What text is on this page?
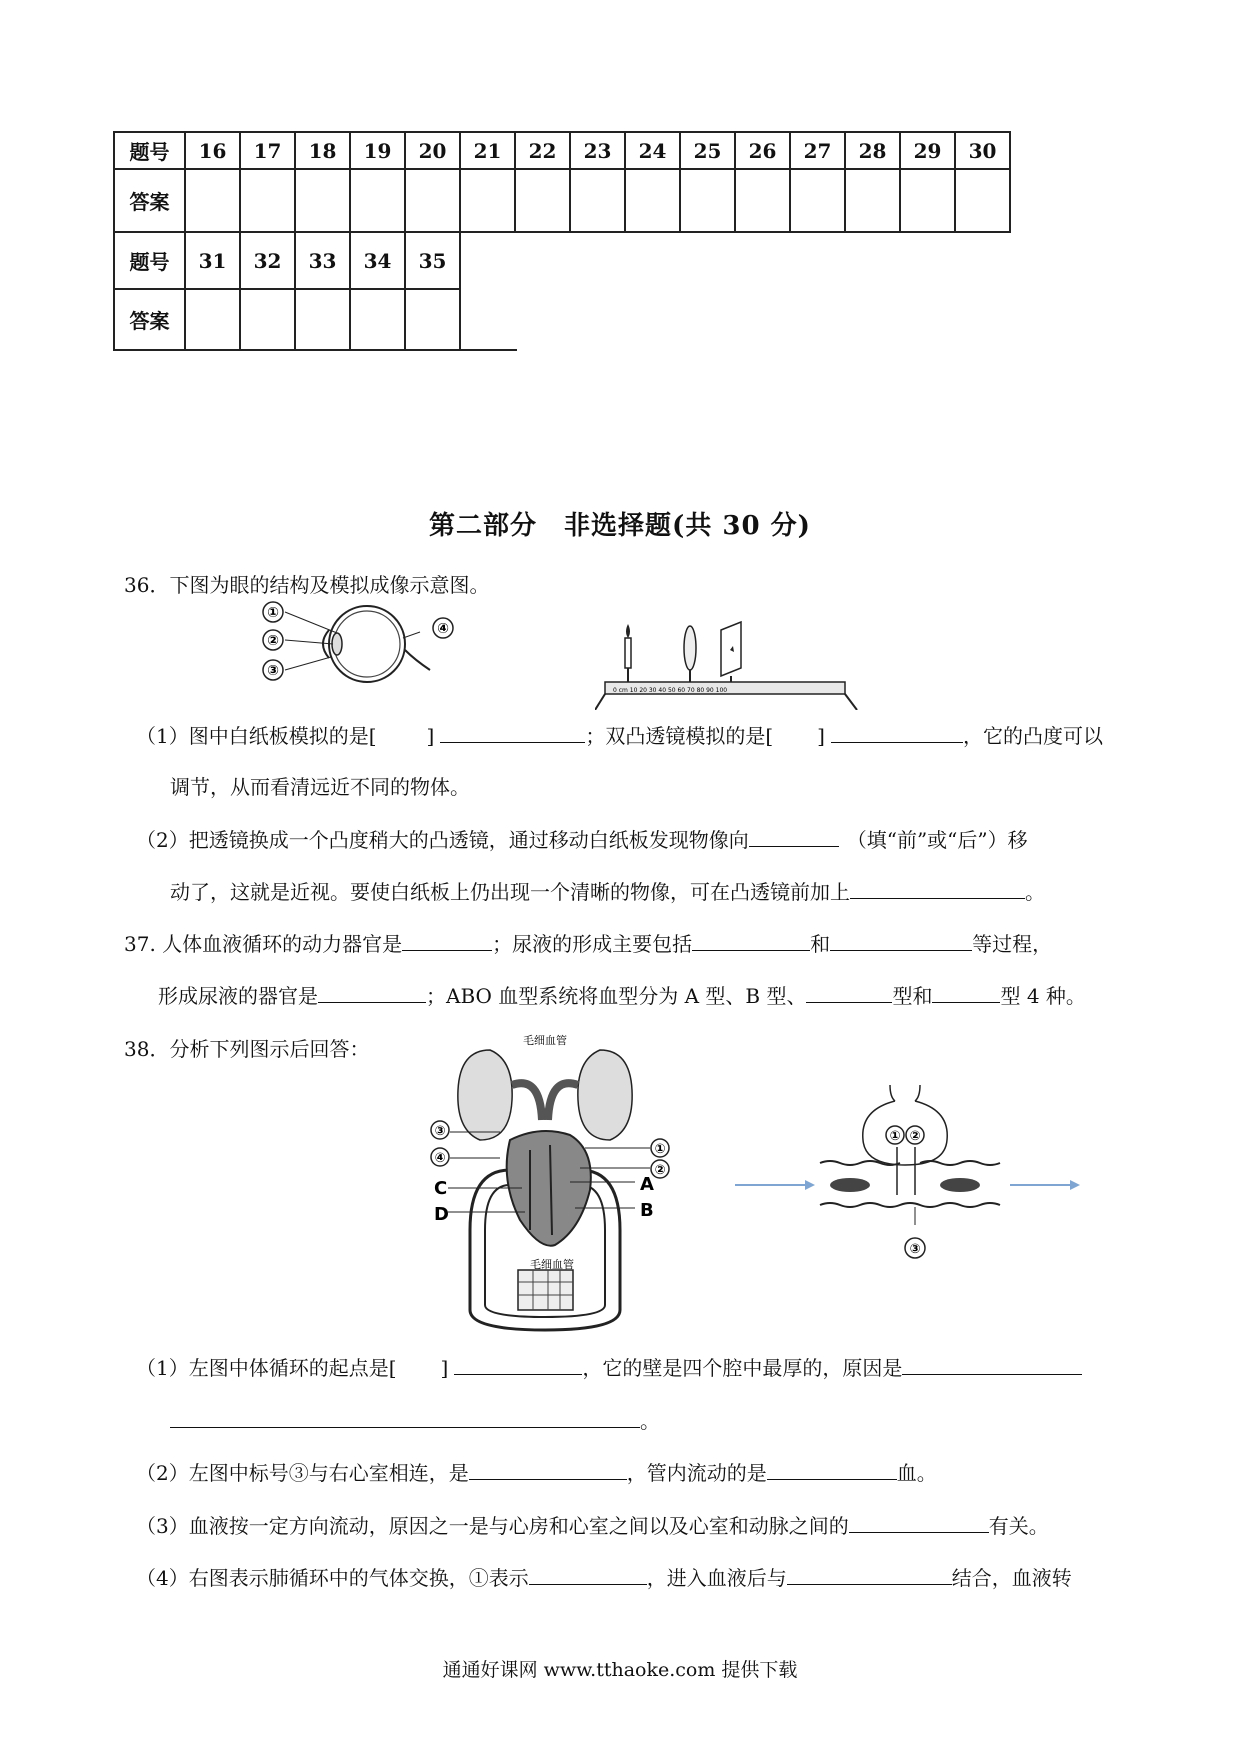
题号	16	17	18	19	20	21	22	23	24	25	26	27	28	29	30
答案															
题号	31	32	33	34	35										
答案															
第二部分　非选择题(共 30 分)
36．下图为眼的结构及模拟成像示意图。
①
②
③
④
0 cm 10 20 30 40 50 60 70 80 90 100
（1）图中白纸板模拟的是[	]	；双凸透镜模拟的是[ ]	，它的凸度可以
调节，从而看清远近不同的物体。
（2）把透镜换成一个凸度稍大的凸透镜，通过移动白纸板发现物像向	（填“前”或“后”）移
动了，这就是近视。要使白纸板上仍出现一个清晰的物像，可在凸透镜前加上	。
37. 人体血液循环的动力器官是	；尿液的形成主要包括	和	等过程，
形成尿液的器官是	；ABO 血型系统将血型分为 A 型、B 型、	型和	型 4 种。
38．分析下列图示后回答：	毛细血管
毛细血管
③
④
①
②
C
D
A
B
① ②
③
（1）左图中体循环的起点是[ ]	，它的壁是四个腔中最厚的，原因是
。
（2）左图中标号③与右心室相连，是	，管内流动的是	血。
（3）血液按一定方向流动，原因之一是与心房和心室之间以及心室和动脉之间的	有关。
（4）右图表示肺循环中的气体交换，①表示	，进入血液后与	结合，血液转
通通好课网 www.tthaoke.com 提供下载
